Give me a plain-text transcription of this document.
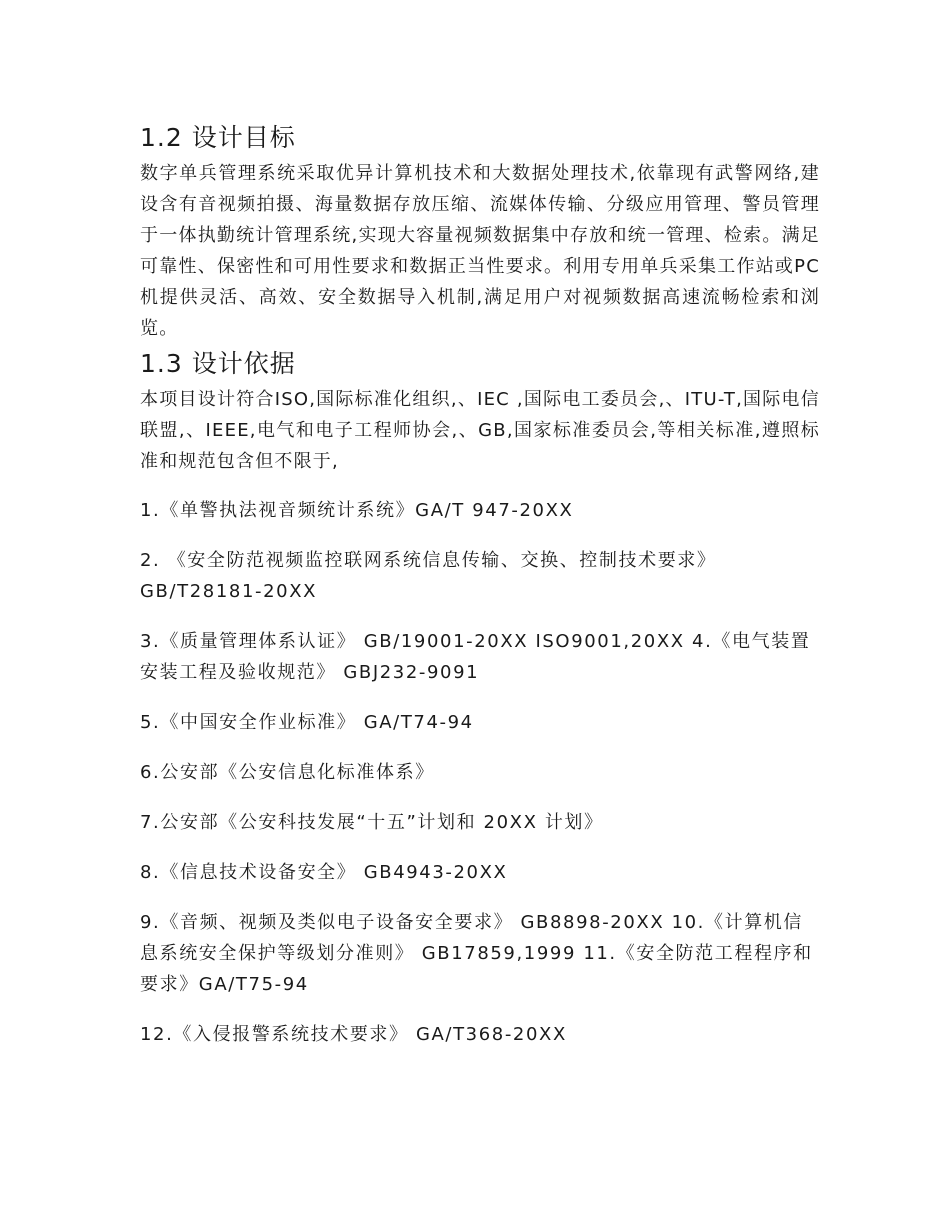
1.2 设计目标

数字单兵管理系统采取优异计算机技术和大数据处理技术,依靠现有武警网络,建设含有音视频拍摄、海量数据存放压缩、流媒体传输、分级应用管理、警员管理于一体执勤统计管理系统,实现大容量视频数据集中存放和统一管理、检索。满足可靠性、保密性和可用性要求和数据正当性要求。利用专用单兵采集工作站或PC机提供灵活、高效、安全数据导入机制,满足用户对视频数据高速流畅检索和浏览。

1.3 设计依据

本项目设计符合ISO,国际标准化组织,、IEC ,国际电工委员会,、ITU-T,国际电信联盟,、IEEE,电气和电子工程师协会,、GB,国家标准委员会,等相关标准,遵照标准和规范包含但不限于,

1.《单警执法视音频统计系统》GA/T 947-20XX
2. 《安全防范视频监控联网系统信息传输、交换、控制技术要求》GB/T28181-20XX
3.《质量管理体系认证》 GB/19001-20XX ISO9001,20XX 4.《电气装置安装工程及验收规范》 GBJ232-9091
5.《中国安全作业标准》 GA/T74-94
6.公安部《公安信息化标准体系》
7.公安部《公安科技发展“十五”计划和 20XX 计划》
8.《信息技术设备安全》 GB4943-20XX
9.《音频、视频及类似电子设备安全要求》 GB8898-20XX 10.《计算机信息系统安全保护等级划分准则》 GB17859,1999 11.《安全防范工程程序和要求》GA/T75-94
12.《入侵报警系统技术要求》 GA/T368-20XX
